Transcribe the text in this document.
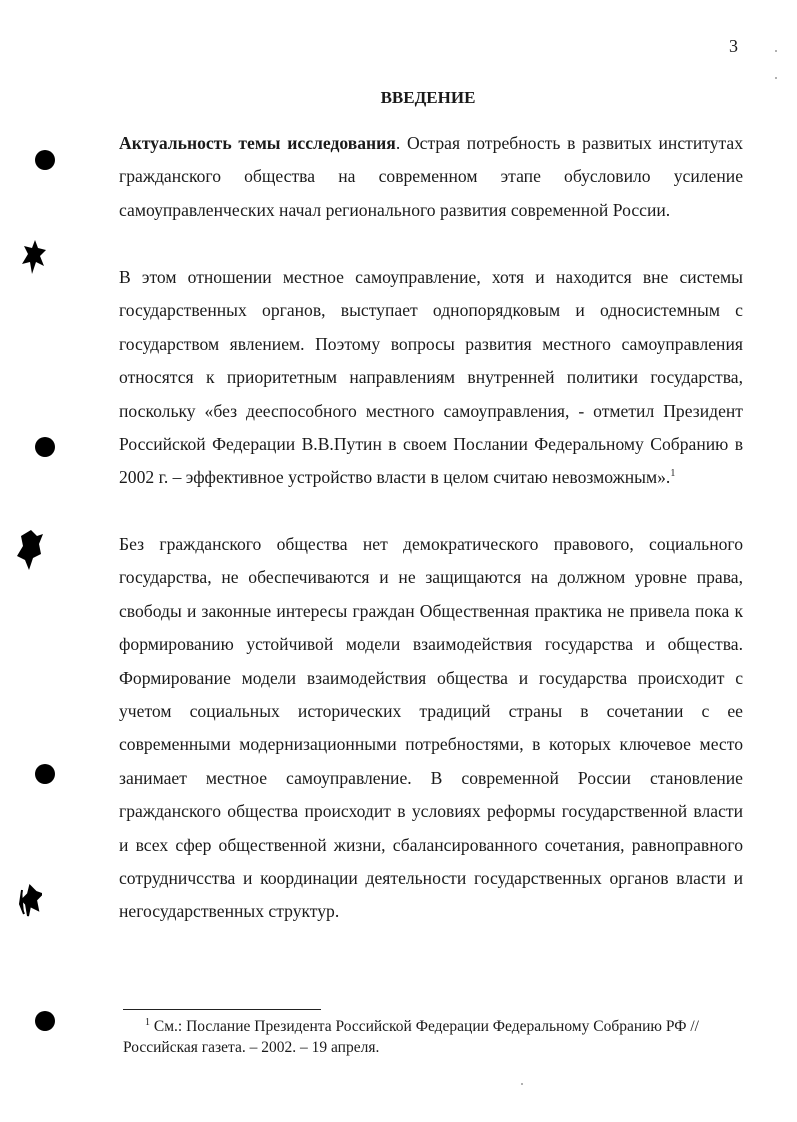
3
ВВЕДЕНИЕ

Актуальность темы исследования. Острая потребность в развитых институтах гражданского общества на современном этапе обусловило усиление самоуправленческих начал регионального развития современной России.

В этом отношении местное самоуправление, хотя и находится вне системы государственных органов, выступает однопорядковым и односистемным с государством явлением. Поэтому вопросы развития местного самоуправления относятся к приоритетным направлениям внутренней политики государства, поскольку «без дееспособного местного самоуправления, - отметил Президент Российской Федерации В.В.Путин в своем Послании Федеральному Собранию в 2002 г. – эффективное устройство власти в целом считаю невозможным».$^1$

Без гражданского общества нет демократического правового, социального государства, не обеспечиваются и не защищаются на должном уровне права, свободы и законные интересы граждан Общественная практика не привела пока к формированию устойчивой модели взаимодействия государства и общества. Формирование модели взаимодействия общества и государства происходит с учетом социальных исторических традиций страны в сочетании с ее современными модернизационными потребностями, в которых ключевое место занимает местное самоуправление. В современной России становление гражданского общества происходит в условиях реформы государственной власти и всех сфер общественной жизни, сбалансированного сочетания, равноправного сотрудничсства и координации деятельности государственных органов власти и негосударственных структур.

$^1$ См.: Послание Президента Российской Федерации Федеральному Собранию РФ // Российская газета. – 2002. – 19 апреля.
